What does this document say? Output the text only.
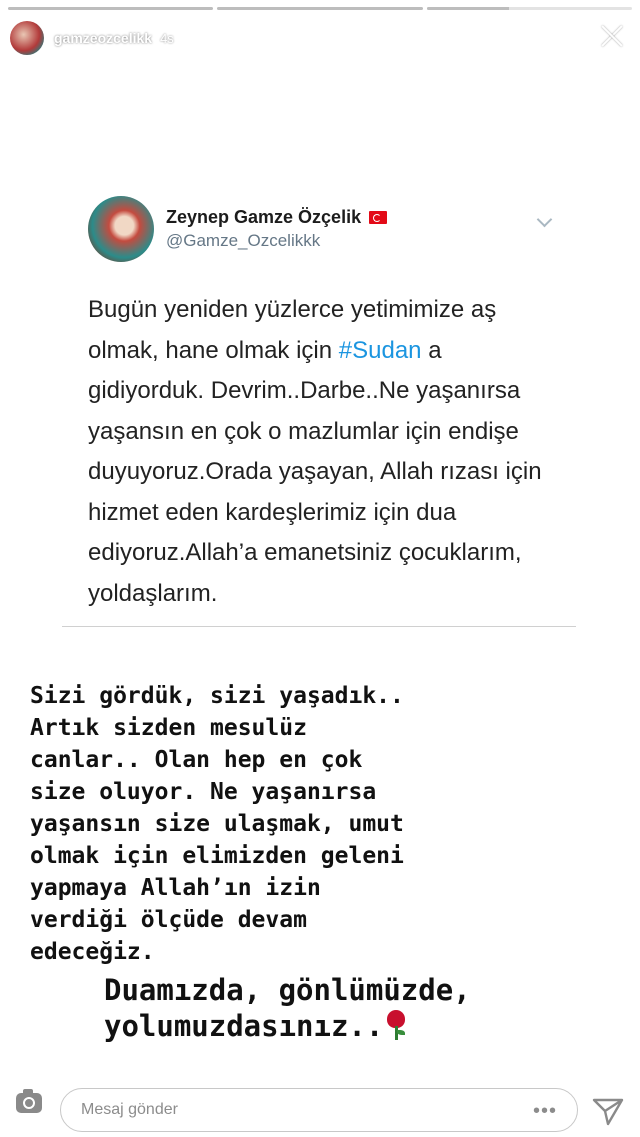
gamzeozcelikk 4s
Zeynep Gamze Özçelik
@Gamze_Ozcelikkk
Bugün yeniden yüzlerce yetimimize aş olmak, hane olmak için #Sudan a gidiyorduk. Devrim..Darbe..Ne yaşanırsa yaşansın en çok o mazlumlar için endişe duyuyoruz.Orada yaşayan, Allah rızası için hizmet eden kardeşlerimiz için dua ediyoruz.Allah’a emanetsiniz çocuklarım, yoldaşlarım.
Sizi gördük, sizi yaşadık..
Artık sizden mesulüz
canlar.. Olan hep en çok
size oluyor. Ne yaşanırsa
yaşansın size ulaşmak, umut
olmak için elimizden geleni
yapmaya Allah’ın izin
verdiği ölçüde devam
edeceğiz.
Duamızda, gönlümüzde,
yolumuzdasınız..
Mesaj gönder	•••
